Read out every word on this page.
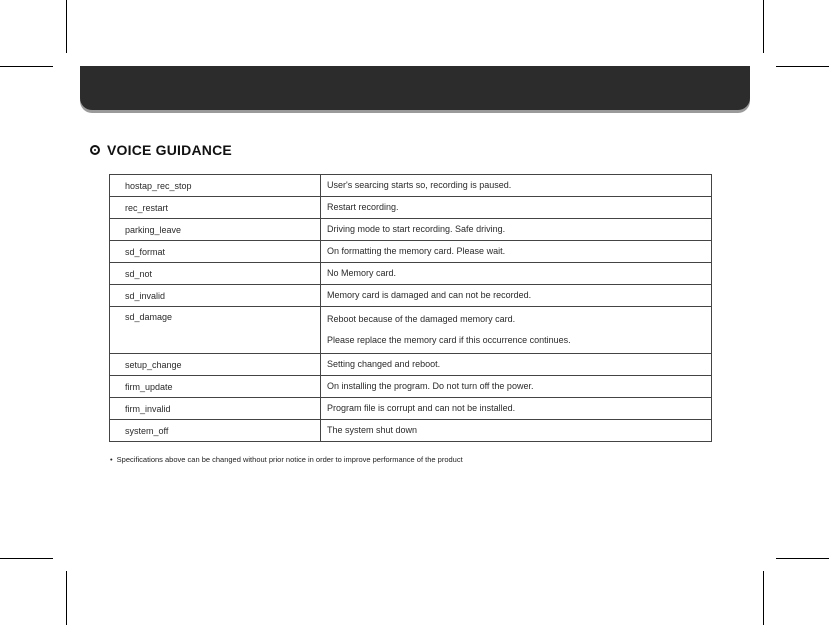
VOICE GUIDANCE
hostap_rec_stop	User's searcing starts so, recording is paused.

rec_restart	Restart recording.

parking_leave	Driving mode to start recording. Safe driving.

sd_format	On formatting the memory card. Please wait.

sd_not	No Memory card.

sd_invalid	Memory card is damaged and can not be recorded.

sd_damage	Reboot because of the damaged memory card.
Please replace the memory card if this occurrence continues.

setup_change	Setting changed and reboot.

firm_update	On installing the program. Do not turn off the power.

firm_invalid	Program file is corrupt and can not be installed.

system_off	The system shut down
• Specifications above can be changed without prior notice in order to improve performance of the product
